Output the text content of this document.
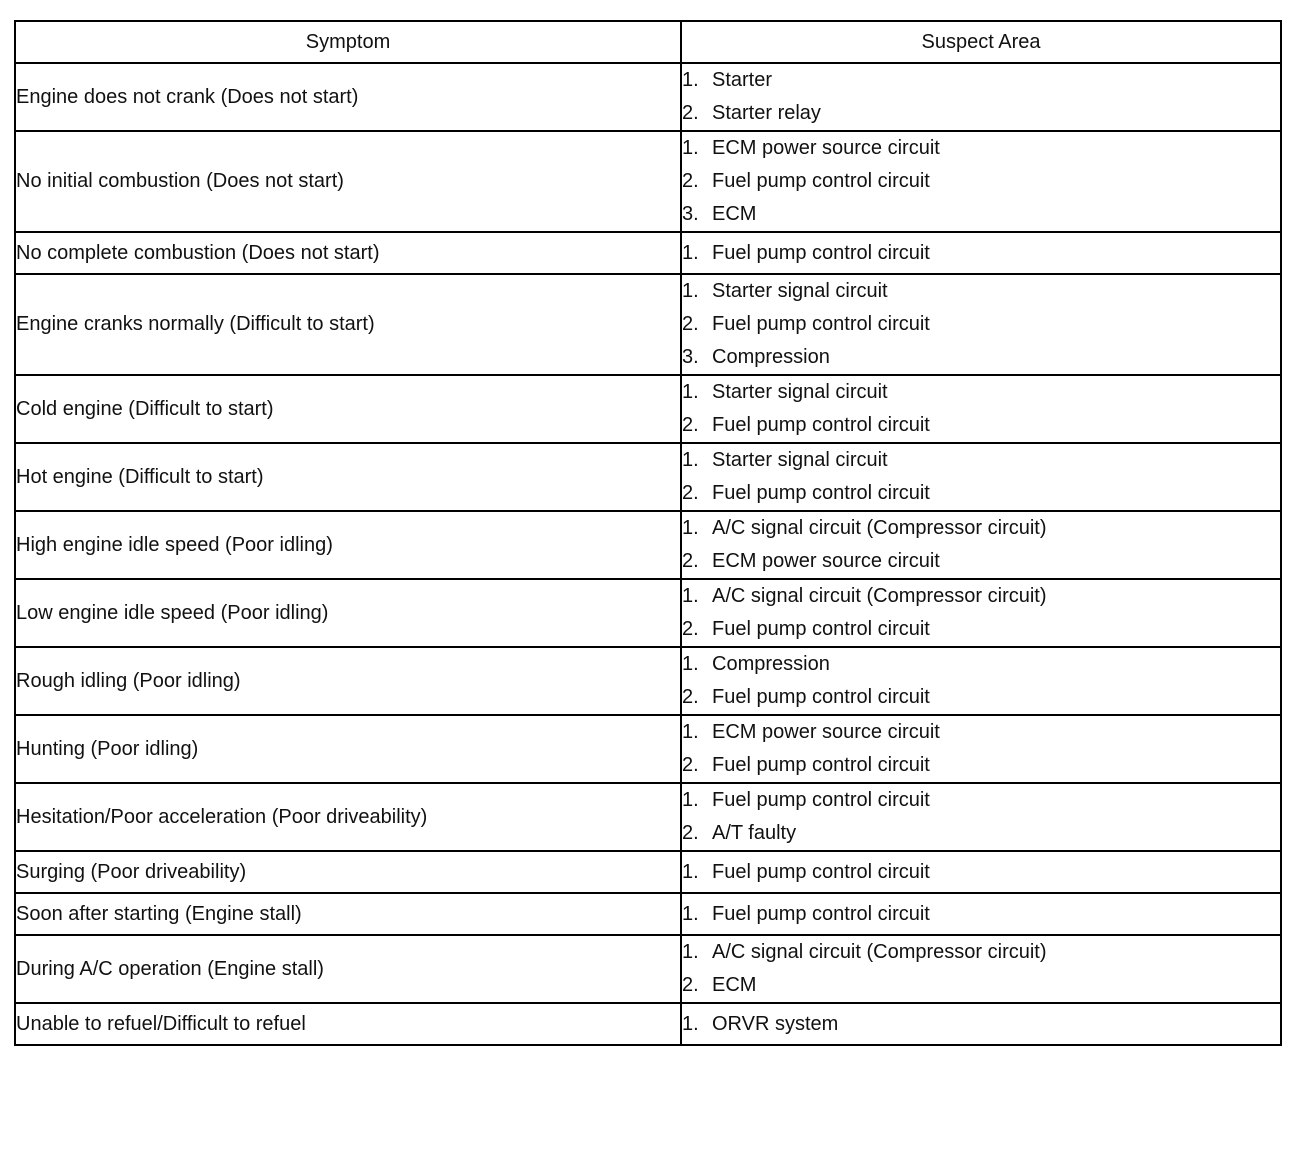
Symptom	Suspect Area
Engine does not crank (Does not start)	1. Starter
2. Starter relay

No initial combustion (Does not start)	1. ECM power source circuit
2. Fuel pump control circuit
3. ECM

No complete combustion (Does not start)	1. Fuel pump control circuit

Engine cranks normally (Difficult to start)	1. Starter signal circuit
2. Fuel pump control circuit
3. Compression

Cold engine (Difficult to start)	1. Starter signal circuit
2. Fuel pump control circuit

Hot engine (Difficult to start)	1. Starter signal circuit
2. Fuel pump control circuit

High engine idle speed (Poor idling)	1. A/C signal circuit (Compressor circuit)
2. ECM power source circuit

Low engine idle speed (Poor idling)	1. A/C signal circuit (Compressor circuit)
2. Fuel pump control circuit

Rough idling (Poor idling)	1. Compression
2. Fuel pump control circuit

Hunting (Poor idling)	1. ECM power source circuit
2. Fuel pump control circuit

Hesitation/Poor acceleration (Poor driveability)	1. Fuel pump control circuit
2. A/T faulty

Surging (Poor driveability)	1. Fuel pump control circuit

Soon after starting (Engine stall)	1. Fuel pump control circuit

During A/C operation (Engine stall)	1. A/C signal circuit (Compressor circuit)
2. ECM

Unable to refuel/Difficult to refuel	1. ORVR system
